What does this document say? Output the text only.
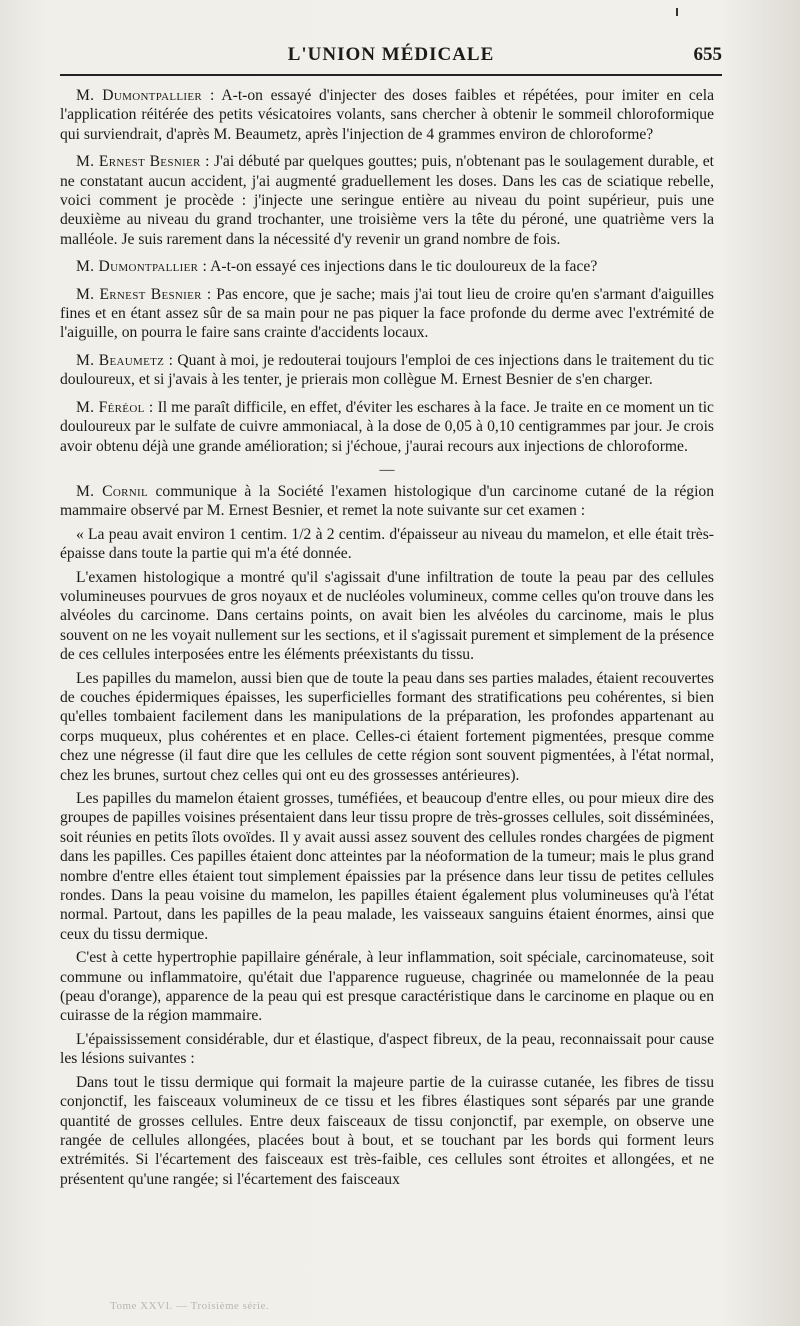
L'UNION MÉDICALE	655

M. Dumontpallier : A-t-on essayé d'injecter des doses faibles et répétées, pour imiter en cela l'application réitérée des petits vésicatoires volants, sans chercher à obtenir le sommeil chloroformique qui surviendrait, d'après M. Beaumetz, après l'injection de 4 grammes environ de chloroforme?

M. Ernest Besnier : J'ai débuté par quelques gouttes; puis, n'obtenant pas le soulagement durable, et ne constatant aucun accident, j'ai augmenté graduellement les doses. Dans les cas de sciatique rebelle, voici comment je procède : j'injecte une seringue entière au niveau du point supérieur, puis une deuxième au niveau du grand trochanter, une troisième vers la tête du péroné, une quatrième vers la malléole. Je suis rarement dans la nécessité d'y revenir un grand nombre de fois.

M. Dumontpallier : A-t-on essayé ces injections dans le tic douloureux de la face?

M. Ernest Besnier : Pas encore, que je sache; mais j'ai tout lieu de croire qu'en s'armant d'aiguilles fines et en étant assez sûr de sa main pour ne pas piquer la face profonde du derme avec l'extrémité de l'aiguille, on pourra le faire sans crainte d'accidents locaux.

M. Beaumetz : Quant à moi, je redouterai toujours l'emploi de ces injections dans le traitement du tic douloureux, et si j'avais à les tenter, je prierais mon collègue M. Ernest Besnier de s'en charger.

M. Féréol : Il me paraît difficile, en effet, d'éviter les eschares à la face. Je traite en ce moment un tic douloureux par le sulfate de cuivre ammoniacal, à la dose de 0,05 à 0,10 centigrammes par jour. Je crois avoir obtenu déjà une grande amélioration; si j'échoue, j'aurai recours aux injections de chloroforme.

—

M. Cornil communique à la Société l'examen histologique d'un carcinome cutané de la région mammaire observé par M. Ernest Besnier, et remet la note suivante sur cet examen :

« La peau avait environ 1 centim. 1/2 à 2 centim. d'épaisseur au niveau du mamelon, et elle était très-épaisse dans toute la partie qui m'a été donnée.

L'examen histologique a montré qu'il s'agissait d'une infiltration de toute la peau par des cellules volumineuses pourvues de gros noyaux et de nucléoles volumineux, comme celles qu'on trouve dans les alvéoles du carcinome. Dans certains points, on avait bien les alvéoles du carcinome, mais le plus souvent on ne les voyait nullement sur les sections, et il s'agissait purement et simplement de la présence de ces cellules interposées entre les éléments préexistants du tissu.

Les papilles du mamelon, aussi bien que de toute la peau dans ses parties malades, étaient recouvertes de couches épidermiques épaisses, les superficielles formant des stratifications peu cohérentes, si bien qu'elles tombaient facilement dans les manipulations de la préparation, les profondes appartenant au corps muqueux, plus cohérentes et en place. Celles-ci étaient fortement pigmentées, presque comme chez une négresse (il faut dire que les cellules de cette région sont souvent pigmentées, à l'état normal, chez les brunes, surtout chez celles qui ont eu des grossesses antérieures).

Les papilles du mamelon étaient grosses, tuméfiées, et beaucoup d'entre elles, ou pour mieux dire des groupes de papilles voisines présentaient dans leur tissu propre de très-grosses cellules, soit disséminées, soit réunies en petits îlots ovoïdes. Il y avait aussi assez souvent des cellules rondes chargées de pigment dans les papilles. Ces papilles étaient donc atteintes par la néoformation de la tumeur; mais le plus grand nombre d'entre elles étaient tout simplement épaissies par la présence dans leur tissu de petites cellules rondes. Dans la peau voisine du mamelon, les papilles étaient également plus volumineuses qu'à l'état normal. Partout, dans les papilles de la peau malade, les vaisseaux sanguins étaient énormes, ainsi que ceux du tissu dermique.

C'est à cette hypertrophie papillaire générale, à leur inflammation, soit spéciale, carcinomateuse, soit commune ou inflammatoire, qu'était due l'apparence rugueuse, chagrinée ou mamelonnée de la peau (peau d'orange), apparence de la peau qui est presque caractéristique dans le carcinome en plaque ou en cuirasse de la région mammaire.

L'épaississement considérable, dur et élastique, d'aspect fibreux, de la peau, reconnaissait pour cause les lésions suivantes :

Dans tout le tissu dermique qui formait la majeure partie de la cuirasse cutanée, les fibres de tissu conjonctif, les faisceaux volumineux de ce tissu et les fibres élastiques sont séparés par une grande quantité de grosses cellules. Entre deux faisceaux de tissu conjonctif, par exemple, on observe une rangée de cellules allongées, placées bout à bout, et se touchant par les bords qui forment leurs extrémités. Si l'écartement des faisceaux est très-faible, ces cellules sont étroites et allongées, et ne présentent qu'une rangée; si l'écartement des faisceaux

Tome XXVI. — Troisième série.
